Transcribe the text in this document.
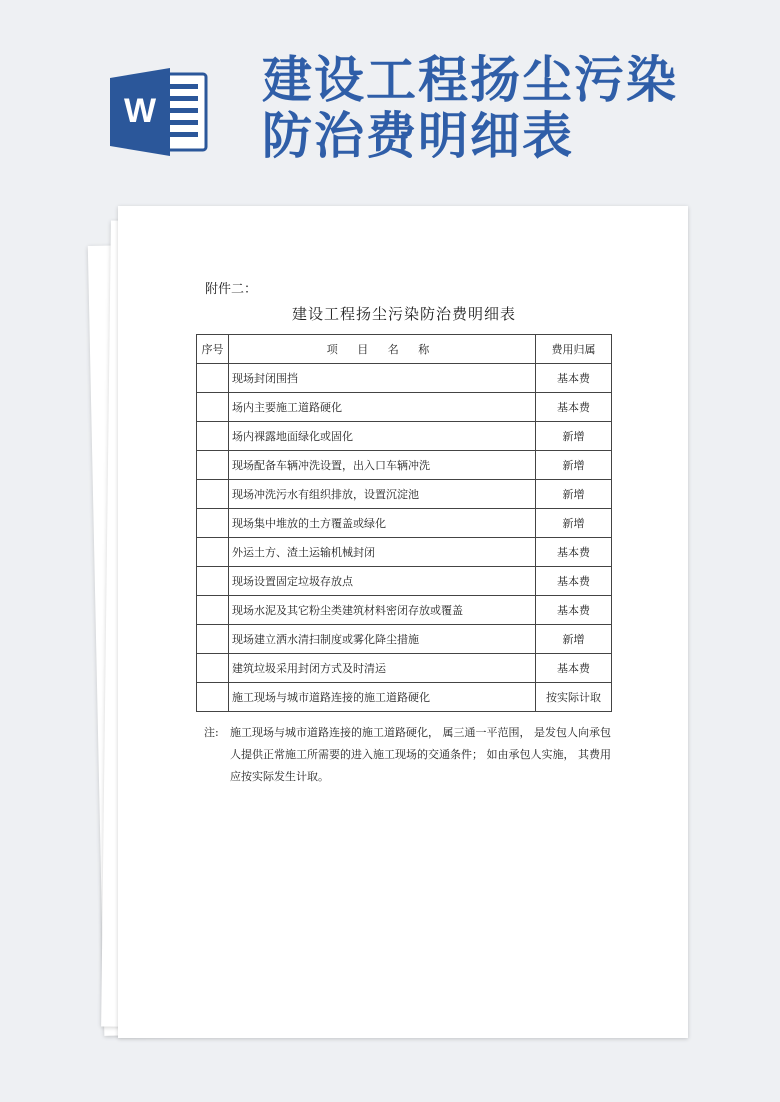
W
建设工程扬尘污染
防治费明细表

附件二：

建设工程扬尘污染防治费明细表

序号	项 目 名 称	费用归属
	现场封闭围挡	基本费
	场内主要施工道路硬化	基本费
	场内裸露地面绿化或固化	新增
	现场配备车辆冲洗设置，出入口车辆冲洗	新增
	现场冲洗污水有组织排放，设置沉淀池	新增
	现场集中堆放的土方覆盖或绿化	新增
	外运土方、渣土运输机械封闭	基本费
	现场设置固定垃圾存放点	基本费
	现场水泥及其它粉尘类建筑材料密闭存放或覆盖	基本费
	现场建立洒水清扫制度或雾化降尘措施	新增
	建筑垃圾采用封闭方式及时清运	基本费
	施工现场与城市道路连接的施工道路硬化	按实际计取
注:	施工现场与城市道路连接的施工道路硬化， 属三通一平范围， 是发包人向承包人提供正常施工所需要的进入施工现场的交通条件； 如由承包人实施， 其费用应按实际发生计取。
